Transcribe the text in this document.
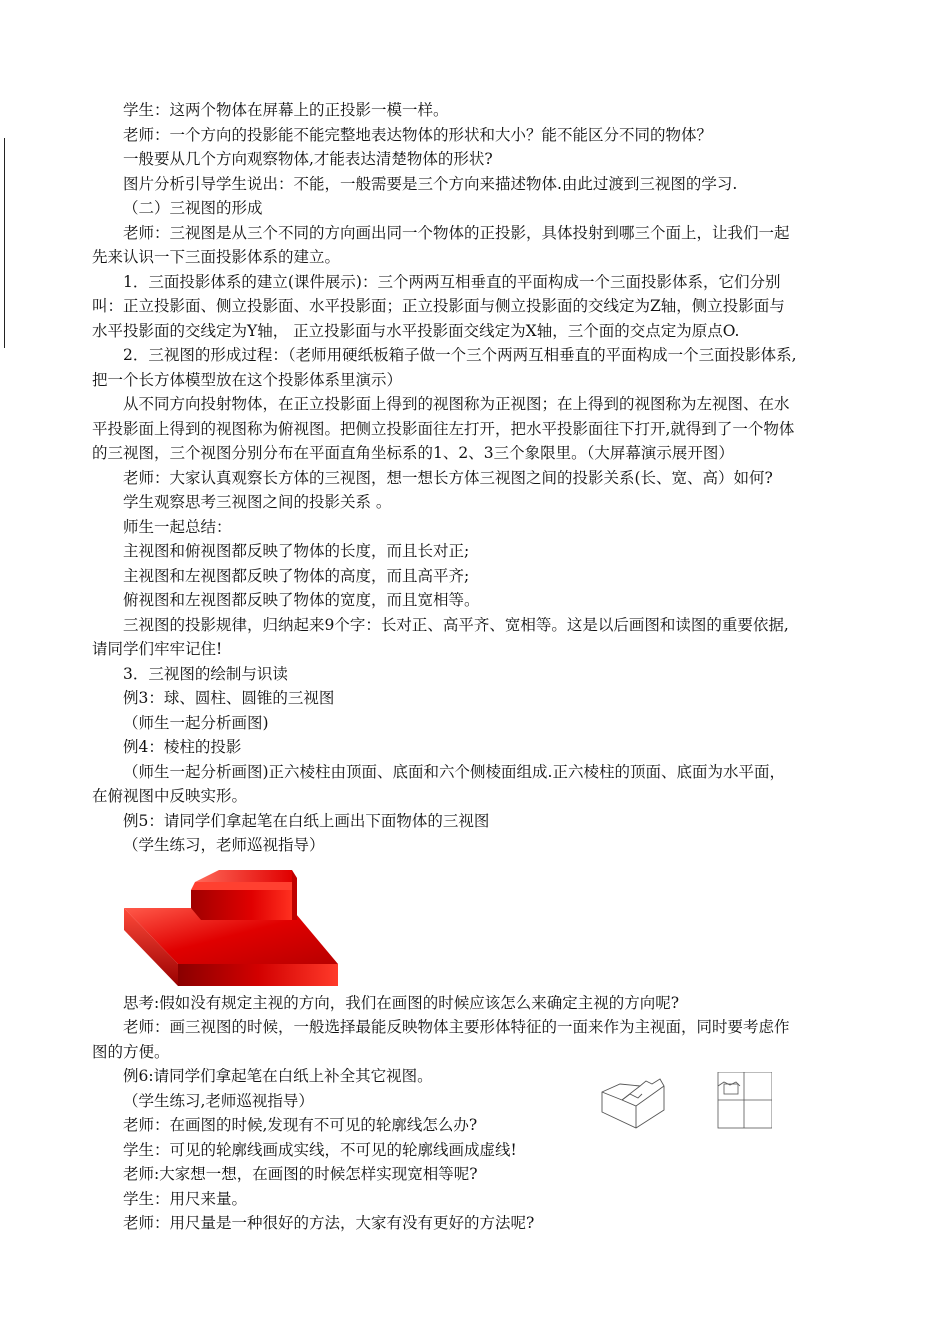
学生：这两个物体在屏幕上的正投影一模一样。
老师：一个方向的投影能不能完整地表达物体的形状和大小？能不能区分不同的物体？
一般要从几个方向观察物体,才能表达清楚物体的形状?
图片分析引导学生说出：不能，一般需要是三个方向来描述物体.由此过渡到三视图的学习.
（二）三视图的形成
老师：三视图是从三个不同的方向画出同一个物体的正投影，具体投射到哪三个面上，让我们一起
先来认识一下三面投影体系的建立。
1．三面投影体系的建立(课件展示)：三个两两互相垂直的平面构成一个三面投影体系，它们分别
叫：正立投影面、侧立投影面、水平投影面；正立投影面与侧立投影面的交线定为Z轴，侧立投影面与
水平投影面的交线定为Y轴， 正立投影面与水平投影面交线定为X轴，三个面的交点定为原点O.
2．三视图的形成过程：（老师用硬纸板箱子做一个三个两两互相垂直的平面构成一个三面投影体系,
把一个长方体模型放在这个投影体系里演示）
从不同方向投射物体，在正立投影面上得到的视图称为正视图；在上得到的视图称为左视图、在水
平投影面上得到的视图称为俯视图。把侧立投影面往左打开，把水平投影面往下打开,就得到了一个物体
的三视图，三个视图分别分布在平面直角坐标系的1、2、3三个象限里。（大屏幕演示展开图）
老师：大家认真观察长方体的三视图，想一想长方体三视图之间的投影关系(长、宽、高）如何?
学生观察思考三视图之间的投影关系 。
师生一起总结：
主视图和俯视图都反映了物体的长度，而且长对正;
主视图和左视图都反映了物体的高度，而且高平齐;
俯视图和左视图都反映了物体的宽度，而且宽相等。
三视图的投影规律，归纳起来9个字：长对正、高平齐、宽相等。这是以后画图和读图的重要依据,
请同学们牢牢记住!
3．三视图的绘制与识读
例3：球、圆柱、圆锥的三视图
（师生一起分析画图)
例4：棱柱的投影
（师生一起分析画图)正六棱柱由顶面、底面和六个侧棱面组成.正六棱柱的顶面、底面为水平面，
在俯视图中反映实形。
例5：请同学们拿起笔在白纸上画出下面物体的三视图
（学生练习，老师巡视指导）
思考:假如没有规定主视的方向，我们在画图的时候应该怎么来确定主视的方向呢?
老师：画三视图的时候，一般选择最能反映物体主要形体特征的一面来作为主视面，同时要考虑作
图的方便。
例6:请同学们拿起笔在白纸上补全其它视图。
（学生练习,老师巡视指导）
老师：在画图的时候,发现有不可见的轮廓线怎么办?
学生：可见的轮廓线画成实线，不可见的轮廓线画成虚线!
老师:大家想一想，在画图的时候怎样实现宽相等呢?
学生：用尺来量。
老师：用尺量是一种很好的方法，大家有没有更好的方法呢?
